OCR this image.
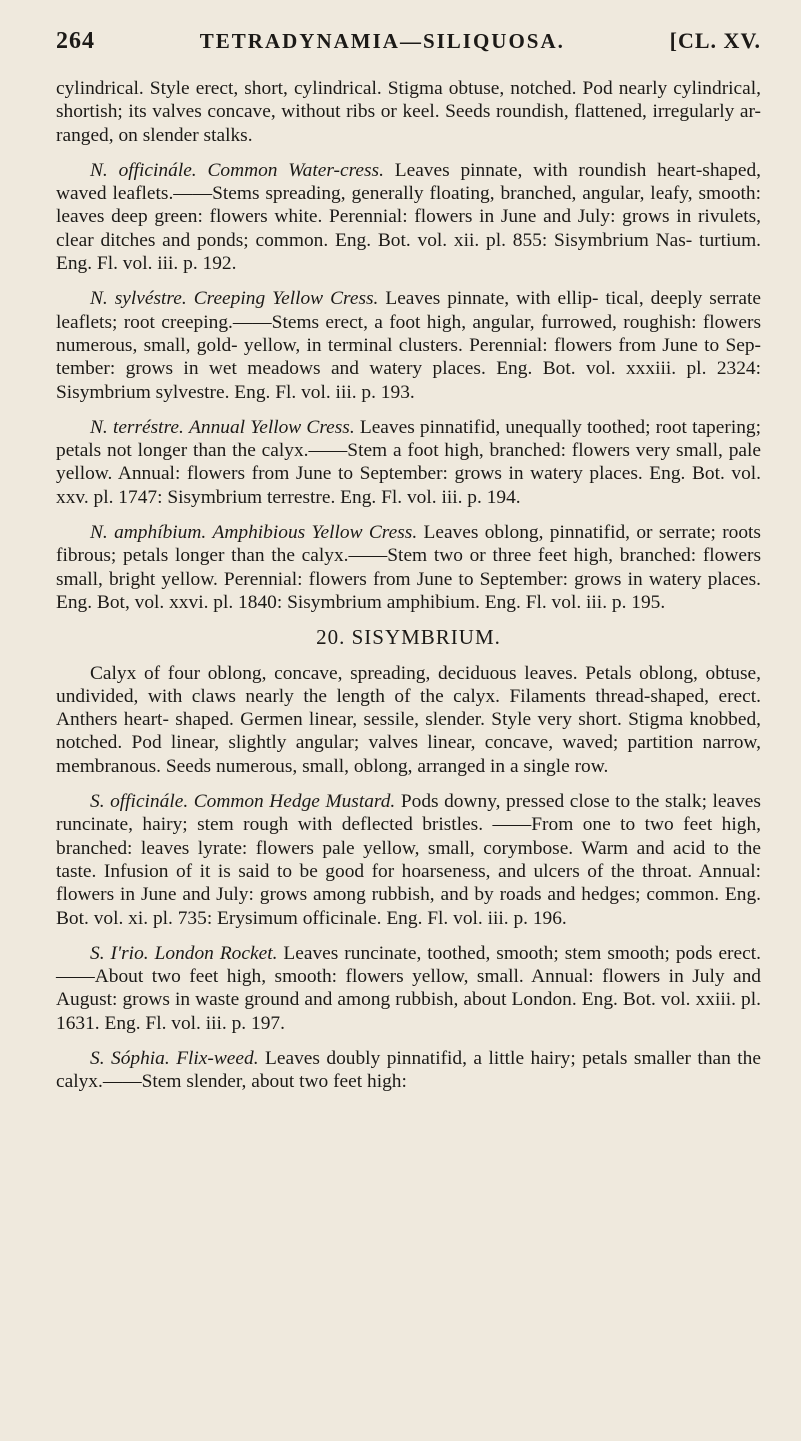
264	TETRADYNAMIA—SILIQUOSA.	[CL. XV.

cylindrical. Style erect, short, cylindrical. Stigma obtuse, notched. Pod nearly cylindrical, shortish; its valves concave, without ribs or keel. Seeds roundish, flattened, irregularly ar- ranged, on slender stalks.

N. officinále. Common Water-cress. Leaves pinnate, with roundish heart-shaped, waved leaflets.——Stems spreading, generally floating, branched, angular, leafy, smooth: leaves deep green: flowers white. Perennial: flowers in June and July: grows in rivulets, clear ditches and ponds; common. Eng. Bot. vol. xii. pl. 855: Sisymbrium Nas- turtium. Eng. Fl. vol. iii. p. 192.

N. sylvéstre. Creeping Yellow Cress. Leaves pinnate, with ellip- tical, deeply serrate leaflets; root creeping.——Stems erect, a foot high, angular, furrowed, roughish: flowers numerous, small, gold- yellow, in terminal clusters. Perennial: flowers from June to Sep- tember: grows in wet meadows and watery places. Eng. Bot. vol. xxxiii. pl. 2324: Sisymbrium sylvestre. Eng. Fl. vol. iii. p. 193.

N. terréstre. Annual Yellow Cress. Leaves pinnatifid, unequally toothed; root tapering; petals not longer than the calyx.——Stem a foot high, branched: flowers very small, pale yellow. Annual: flowers from June to September: grows in watery places. Eng. Bot. vol. xxv. pl. 1747: Sisymbrium terrestre. Eng. Fl. vol. iii. p. 194.

N. amphíbium. Amphibious Yellow Cress. Leaves oblong, pinnatifid, or serrate; roots fibrous; petals longer than the calyx.——Stem two or three feet high, branched: flowers small, bright yellow. Perennial: flowers from June to September: grows in watery places. Eng. Bot, vol. xxvi. pl. 1840: Sisymbrium amphibium. Eng. Fl. vol. iii. p. 195.

20. SISYMBRIUM.

Calyx of four oblong, concave, spreading, deciduous leaves. Petals oblong, obtuse, undivided, with claws nearly the length of the calyx. Filaments thread-shaped, erect. Anthers heart- shaped. Germen linear, sessile, slender. Style very short. Stigma knobbed, notched. Pod linear, slightly angular; valves linear, concave, waved; partition narrow, membranous. Seeds numerous, small, oblong, arranged in a single row.

S. officinále. Common Hedge Mustard. Pods downy, pressed close to the stalk; leaves runcinate, hairy; stem rough with deflected bristles. ——From one to two feet high, branched: leaves lyrate: flowers pale yellow, small, corymbose. Warm and acid to the taste. Infusion of it is said to be good for hoarseness, and ulcers of the throat. Annual: flowers in June and July: grows among rubbish, and by roads and hedges; common. Eng. Bot. vol. xi. pl. 735: Erysimum officinale. Eng. Fl. vol. iii. p. 196.

S. I'rio. London Rocket. Leaves runcinate, toothed, smooth; stem smooth; pods erect.——About two feet high, smooth: flowers yellow, small. Annual: flowers in July and August: grows in waste ground and among rubbish, about London. Eng. Bot. vol. xxiii. pl. 1631. Eng. Fl. vol. iii. p. 197.

S. Sóphia. Flix-weed. Leaves doubly pinnatifid, a little hairy; petals smaller than the calyx.——Stem slender, about two feet high:
